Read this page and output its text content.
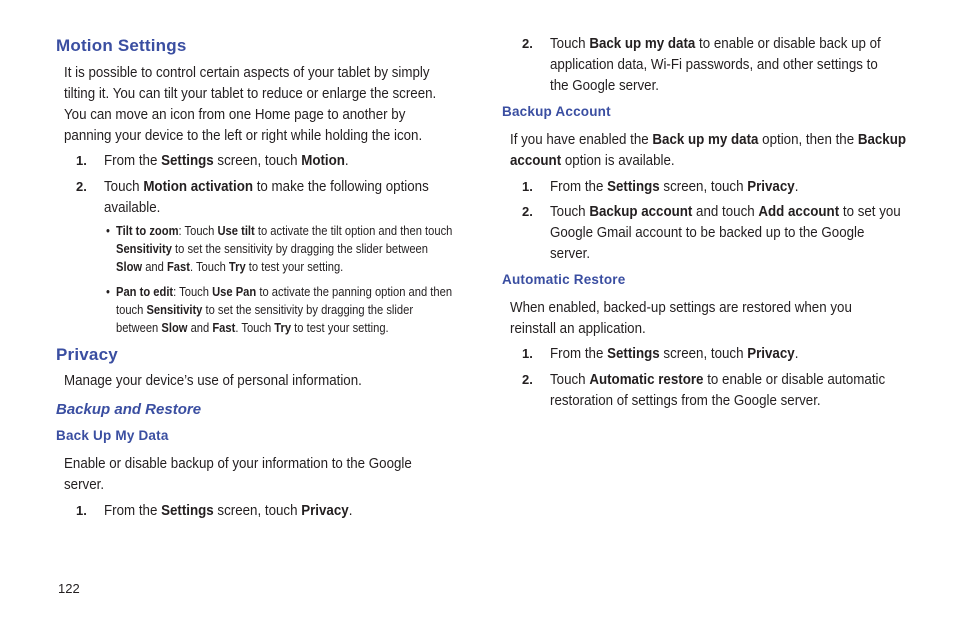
Motion Settings
It is possible to control certain aspects of your tablet by simply
tilting it. You can tilt your tablet to reduce or enlarge the screen.
You can move an icon from one Home page to another by
panning your device to the left or right while holding the icon.
1. From the Settings screen, touch Motion.
2. Touch Motion activation to make the following options
available.
• Tilt to zoom: Touch Use tilt to activate the tilt option and then touch
Sensitivity to set the sensitivity by dragging the slider between
Slow and Fast. Touch Try to test your setting.
• Pan to edit: Touch Use Pan to activate the panning option and then
touch Sensitivity to set the sensitivity by dragging the slider
between Slow and Fast. Touch Try to test your setting.
Privacy
Manage your device’s use of personal information.
Backup and Restore
Back Up My Data
Enable or disable backup of your information to the Google
server.
1. From the Settings screen, touch Privacy.
2. Touch Back up my data to enable or disable back up of
application data, Wi-Fi passwords, and other settings to
the Google server.
Backup Account
If you have enabled the Back up my data option, then the Backup
account option is available.
1. From the Settings screen, touch Privacy.
2. Touch Backup account and touch Add account to set you
Google Gmail account to be backed up to the Google
server.
Automatic Restore
When enabled, backed-up settings are restored when you
reinstall an application.
1. From the Settings screen, touch Privacy.
2. Touch Automatic restore to enable or disable automatic
restoration of settings from the Google server.
122
